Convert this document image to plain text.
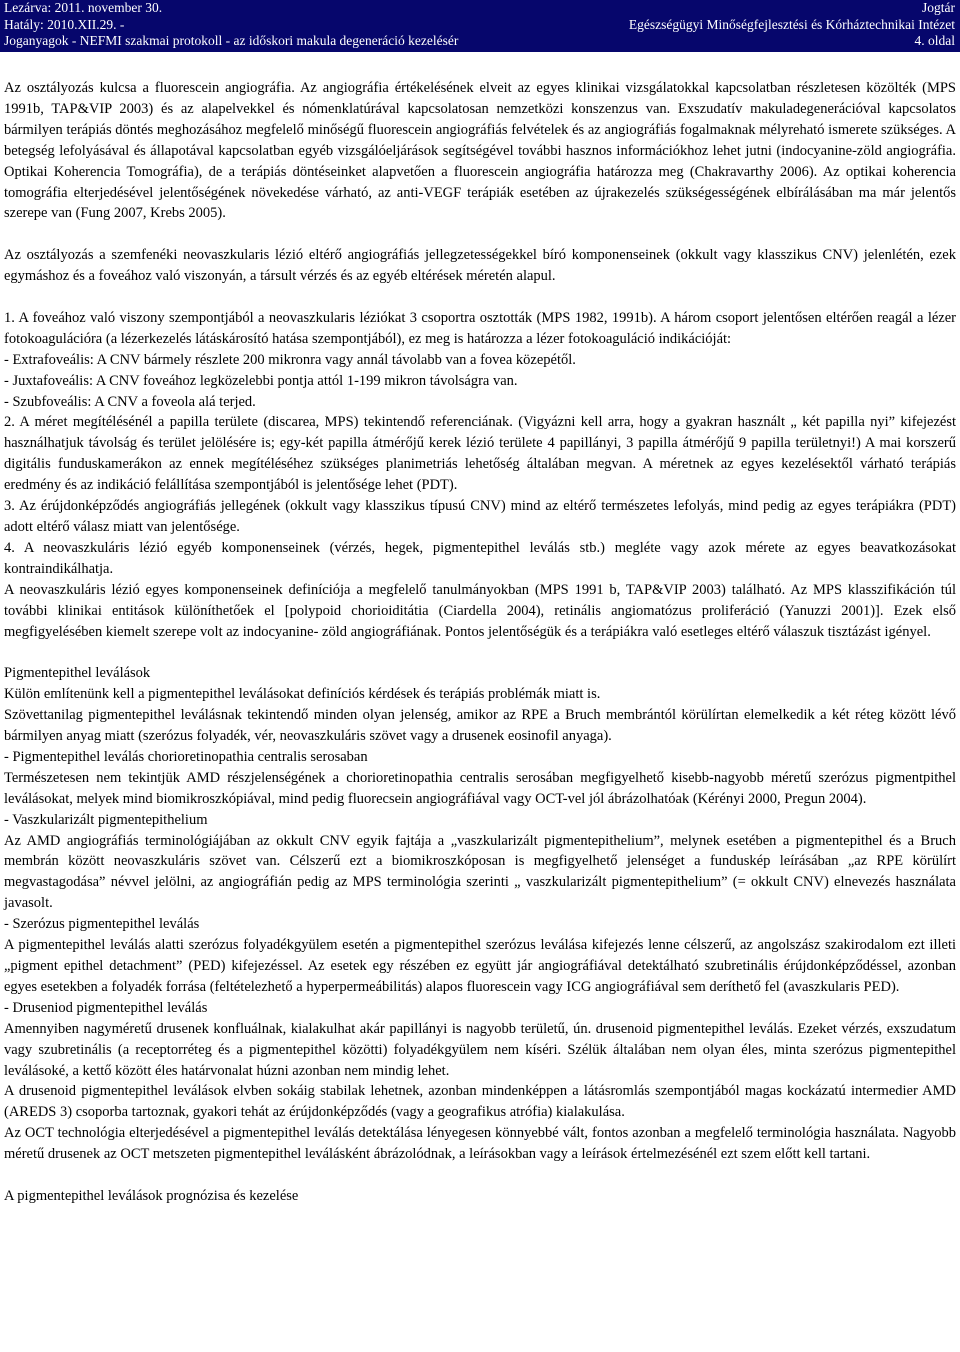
Lezárva: 2011. november 30.
Hatály: 2010.XII.29. -
Joganyagok - NEFMI szakmai protokoll - az időskori makula degeneráció kezelésér
Jogtár
Egészségügyi Minőségfejlesztési és Kórháztechnikai Intézet
4. oldal

Az osztályozás kulcsa a fluorescein angiográfia. Az angiográfia értékelésének elveit az egyes klinikai vizsgálatokkal kapcsolatban részletesen közölték (MPS 1991b, TAP&VIP 2003) és az alapelvekkel és nómenklatúrával kapcsolatosan nemzetközi konszenzus van. Exszudatív makuladegenerációval kapcsolatos bármilyen terápiás döntés meghozásához megfelelő minőségű fluorescein angiográfiás felvételek és az angiográfiás fogalmaknak mélyreható ismerete szükséges. A betegség lefolyásával és állapotával kapcsolatban egyéb vizsgálóeljárások segítségével további hasznos információkhoz lehet jutni (indocyanine-zöld angiográfia. Optikai Koherencia Tomográfia), de a terápiás döntéseinket alapvetően a fluorescein angiográfia határozza meg (Chakravarthy 2006). Az optikai koherencia tomográfia elterjedésével jelentőségének növekedése várható, az anti-VEGF terápiák esetében az újrakezelés szükségességének elbírálásában ma már jelentős szerepe van (Fung 2007, Krebs 2005).

Az osztályozás a szemfenéki neovaszkularis lézió eltérő angiográfiás jellegzetességekkel bíró komponenseinek (okkult vagy klasszikus CNV) jelenlétén, ezek egymáshoz és a foveához való viszonyán, a társult vérzés és az egyéb eltérések méretén alapul.

1. A foveához való viszony szempontjából a neovaszkularis léziókat 3 csoportra osztották (MPS 1982, 1991b). A három csoport jelentősen eltérően reagál a lézer fotokoagulációra (a lézerkezelés látáskárosító hatása szempontjából), ez meg is határozza a lézer fotokoaguláció indikációját:

- Extrafoveális: A CNV bármely részlete 200 mikronra vagy annál távolabb van a fovea közepétől.

- Juxtafoveális: A CNV foveához legközelebbi pontja attól 1-199 mikron távolságra van.

- Szubfoveális: A CNV a foveola alá terjed.

2. A méret megítélésénél a papilla területe (discarea, MPS) tekintendő referenciának. (Vigyázni kell arra, hogy a gyakran használt „ két papilla nyi” kifejezést használhatjuk távolság és terület jelölésére is; egy-két papilla átmérőjű kerek lézió területe 4 papillányi, 3 papilla átmérőjű 9 papilla területnyi!) A mai korszerű digitális funduskamerákon az ennek megítéléséhez szükséges planimetriás lehetőség általában megvan. A méretnek az egyes kezelésektől várható terápiás eredmény és az indikáció felállítása szempontjából is jelentősége lehet (PDT).

3. Az érújdonképződés angiográfiás jellegének (okkult vagy klasszikus típusú CNV) mind az eltérő természetes lefolyás, mind pedig az egyes terápiákra (PDT) adott eltérő válasz miatt van jelentősége.

4. A neovaszkuláris lézió egyéb komponenseinek (vérzés, hegek, pigmentepithel leválás stb.) megléte vagy azok mérete az egyes beavatkozásokat kontraindikálhatja.

A neovaszkuláris lézió egyes komponenseinek definíciója a megfelelő tanulmányokban (MPS 1991 b, TAP&VIP 2003) található. Az MPS klasszifikáción túl további klinikai entitások különíthetőek el [polypoid chorioiditátia (Ciardella 2004), retinális angiomatózus proliferáció (Yanuzzi 2001)]. Ezek első megfigyelésében kiemelt szerepe volt az indocyanine- zöld angiográfiának. Pontos jelentőségük és a terápiákra való esetleges eltérő válaszuk tisztázást igényel.

Pigmentepithel leválások

Külön említenünk kell a pigmentepithel leválásokat definíciós kérdések és terápiás problémák miatt is.

Szövettanilag pigmentepithel leválásnak tekintendő minden olyan jelenség, amikor az RPE a Bruch membrántól körülírtan elemelkedik a két réteg között lévő bármilyen anyag miatt (szerózus folyadék, vér, neovaszkuláris szövet vagy a drusenek eosinofil anyaga).

- Pigmentepithel leválás chorioretinopathia centralis serosaban

Természetesen nem tekintjük AMD részjelenségének a chorioretinopathia centralis serosában megfigyelhető kisebb-nagyobb méretű szerózus pigmentpithel leválásokat, melyek mind biomikroszkópiával, mind pedig fluorecsein angiográfiával vagy OCT-vel jól ábrázolhatóak (Kérényi 2000, Pregun 2004).

- Vaszkularizált pigmentepithelium

Az AMD angiográfiás terminológiájában az okkult CNV egyik fajtája a „vaszkularizált pigmentepithelium”, melynek esetében a pigmentepithel és a Bruch membrán között neovaszkuláris szövet van. Célszerű ezt a biomikroszkóposan is megfigyelhető jelenséget a funduskép leírásában „az RPE körülírt megvastagodása” névvel jelölni, az angiográfián pedig az MPS terminológia szerinti „ vaszkularizált pigmentepithelium” (= okkult CNV) elnevezés használata javasolt.

- Szerózus pigmentepithel leválás

A pigmentepithel leválás alatti szerózus folyadékgyülem esetén a pigmentepithel szerózus leválása kifejezés lenne célszerű, az angolszász szakirodalom ezt illeti „pigment epithel detachment” (PED) kifejezéssel. Az esetek egy részében ez együtt jár angiográfiával detektálható szubretinális érújdonképződéssel, azonban egyes esetekben a folyadék forrása (feltételezhető a hyperpermeábilitás) alapos fluorescein vagy ICG angiográfiával sem deríthető fel (avaszkularis PED).

- Druseniod pigmentepithel leválás

Amennyiben nagyméretű drusenek konfluálnak, kialakulhat akár papillányi is nagyobb területű, ún. drusenoid pigmentepithel leválás. Ezeket vérzés, exszudatum vagy szubretinális (a receptorréteg és a pigmentepithel közötti) folyadékgyülem nem kíséri. Szélük általában nem olyan éles, minta szerózus pigmentepithel leválásoké, a kettő között éles határvonalat húzni azonban nem mindig lehet.

A drusenoid pigmentepithel leválások elvben sokáig stabilak lehetnek, azonban mindenképpen a látásromlás szempontjából magas kockázatú intermedier AMD (AREDS 3) csoporba tartoznak, gyakori tehát az érújdonképződés (vagy a geografikus atrófia) kialakulása.

Az OCT technológia elterjedésével a pigmentepithel leválás detektálása lényegesen könnyebbé vált, fontos azonban a megfelelő terminológia használata. Nagyobb méretű drusenek az OCT metszeten pigmentepithel leválásként ábrázolódnak, a leírásokban vagy a leírások értelmezésénél ezt szem előtt kell tartani.

A pigmentepithel leválások prognózisa és kezelése
